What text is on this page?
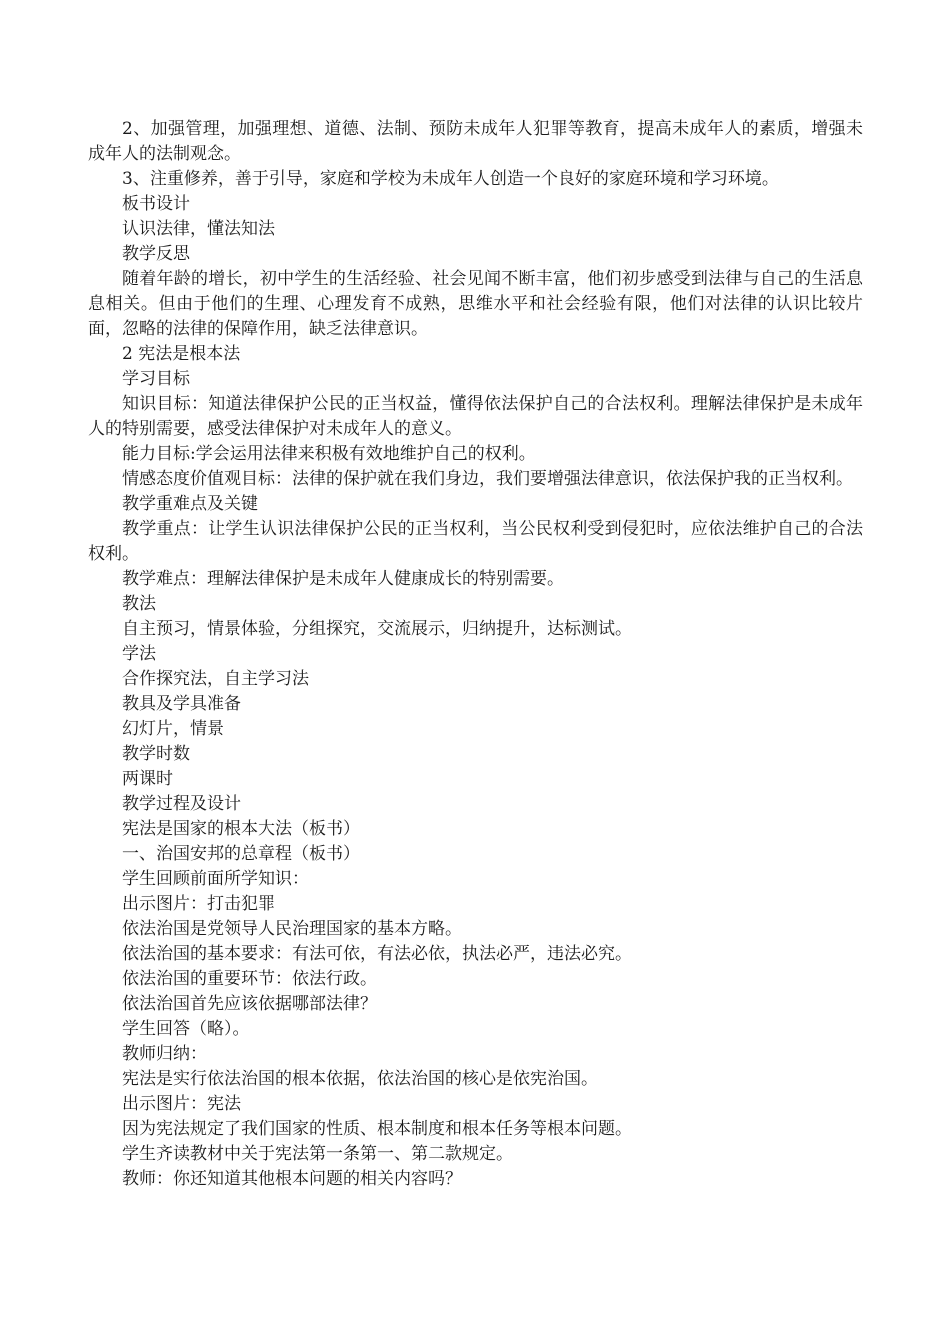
2、加强管理，加强理想、道德、法制、预防未成年人犯罪等教育，提高未成年人的素质，增强未成年人的法制观念。

3、注重修养，善于引导，家庭和学校为未成年人创造一个良好的家庭环境和学习环境。

板书设计

认识法律，懂法知法

教学反思

随着年龄的增长，初中学生的生活经验、社会见闻不断丰富，他们初步感受到法律与自己的生活息息相关。但由于他们的生理、心理发育不成熟，思维水平和社会经验有限，他们对法律的认识比较片面，忽略的法律的保障作用，缺乏法律意识。

2 宪法是根本法

学习目标

知识目标：知道法律保护公民的正当权益，懂得依法保护自己的合法权利。理解法律保护是未成年人的特别需要，感受法律保护对未成年人的意义。

能力目标:学会运用法律来积极有效地维护自己的权利。

情感态度价值观目标：法律的保护就在我们身边，我们要增强法律意识，依法保护我的正当权利。

教学重难点及关键

教学重点：让学生认识法律保护公民的正当权利，当公民权利受到侵犯时，应依法维护自己的合法权利。

教学难点：理解法律保护是未成年人健康成长的特别需要。

教法

自主预习，情景体验，分组探究，交流展示，归纳提升，达标测试。

学法

合作探究法，自主学习法

教具及学具准备

幻灯片，情景

教学时数

两课时

教学过程及设计

宪法是国家的根本大法（板书）

一、治国安邦的总章程（板书）

学生回顾前面所学知识：

出示图片：打击犯罪

依法治国是党领导人民治理国家的基本方略。

依法治国的基本要求：有法可依，有法必依，执法必严，违法必究。

依法治国的重要环节：依法行政。

依法治国首先应该依据哪部法律？

学生回答（略）。

教师归纳：

宪法是实行依法治国的根本依据，依法治国的核心是依宪治国。

出示图片：宪法

因为宪法规定了我们国家的性质、根本制度和根本任务等根本问题。

学生齐读教材中关于宪法第一条第一、第二款规定。

教师：你还知道其他根本问题的相关内容吗？
